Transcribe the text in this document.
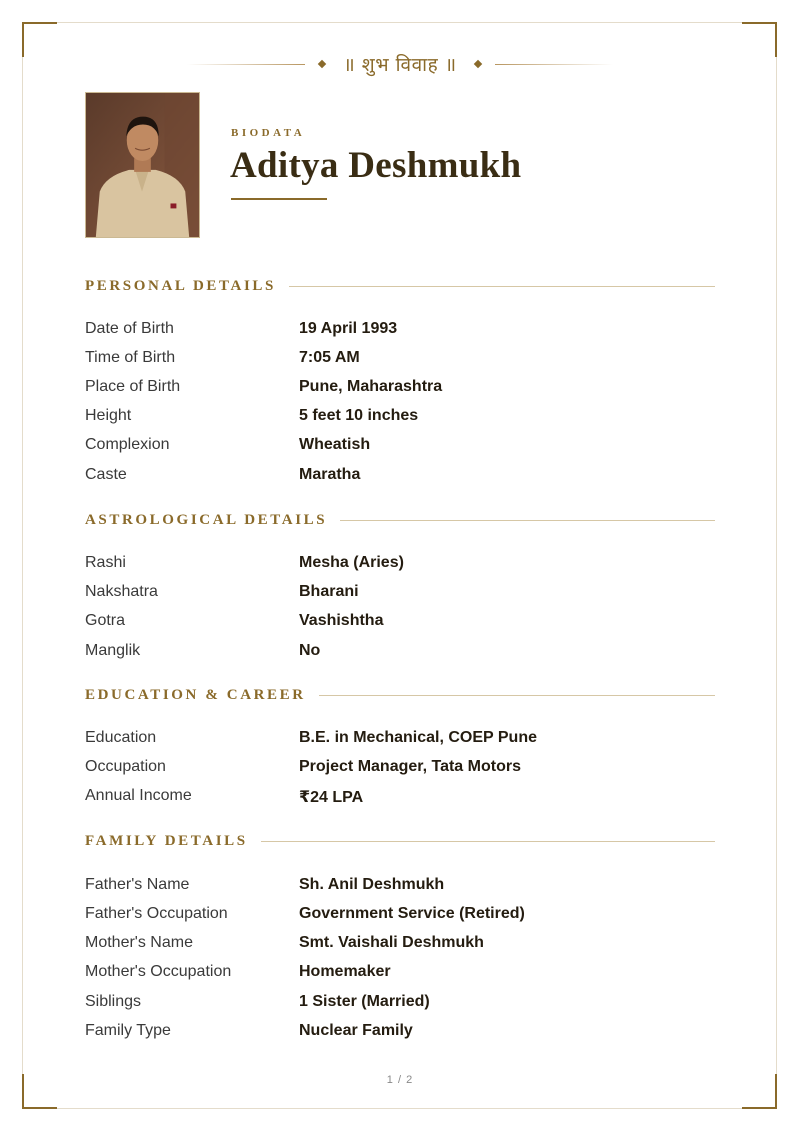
॥ शुभ विवाह ॥
BIODATA
Aditya Deshmukh
PERSONAL DETAILS
Date of Birth	19 April 1993
Time of Birth	7:05 AM
Place of Birth	Pune, Maharashtra
Height	5 feet 10 inches
Complexion	Wheatish
Caste	Maratha
ASTROLOGICAL DETAILS
Rashi	Mesha (Aries)
Nakshatra	Bharani
Gotra	Vashishtha
Manglik	No
EDUCATION & CAREER
Education	B.E. in Mechanical, COEP Pune
Occupation	Project Manager, Tata Motors
Annual Income	₹24 LPA
FAMILY DETAILS
Father's Name	Sh. Anil Deshmukh
Father's Occupation	Government Service (Retired)
Mother's Name	Smt. Vaishali Deshmukh
Mother's Occupation	Homemaker
Siblings	1 Sister (Married)
Family Type	Nuclear Family
1 / 2
